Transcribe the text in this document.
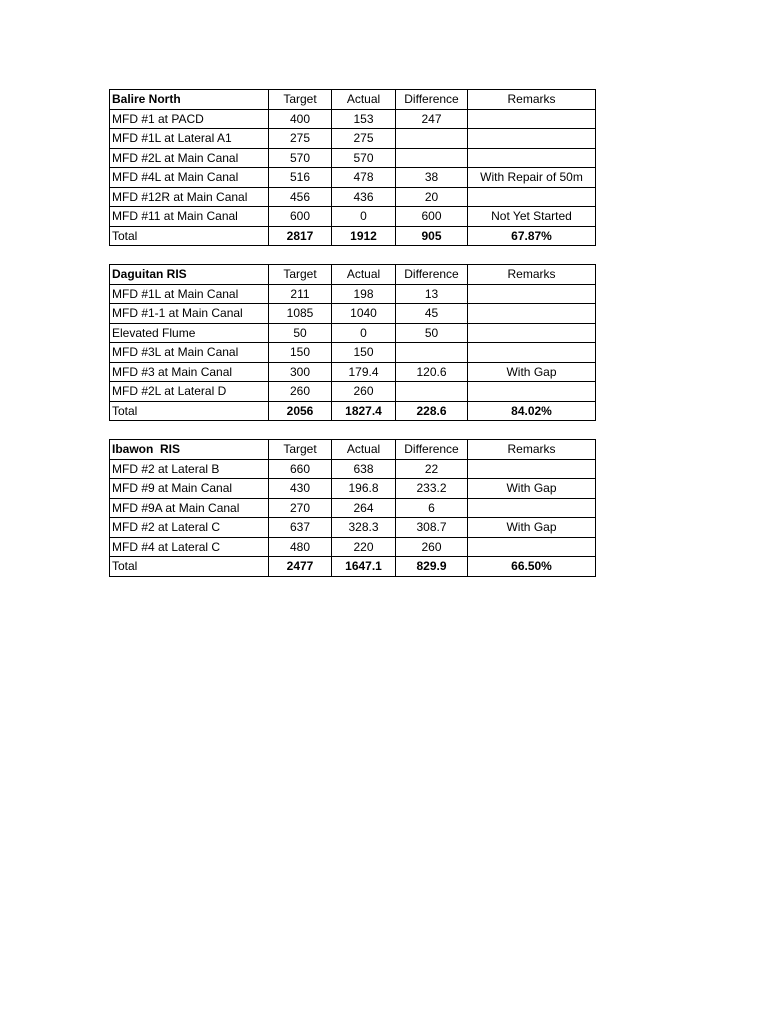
Balire North	Target	Actual	Difference	Remarks
MFD #1 at PACD	400	153	247	
MFD #1L at Lateral A1	275	275		
MFD #2L at Main Canal	570	570		
MFD #4L at Main Canal	516	478	38	With Repair of 50m
MFD #12R at Main Canal	456	436	20	
MFD #11 at Main Canal	600	0	600	Not Yet Started
Total	2817	1912	905	67.87%
Daguitan RIS	Target	Actual	Difference	Remarks
MFD #1L at Main Canal	211	198	13	
MFD #1-1 at Main Canal	1085	1040	45	
Elevated Flume	50	0	50	
MFD #3L at Main Canal	150	150		
MFD #3 at Main Canal	300	179.4	120.6	With Gap
MFD #2L at Lateral D	260	260		
Total	2056	1827.4	228.6	84.02%
Ibawon  RIS	Target	Actual	Difference	Remarks
MFD #2 at Lateral B	660	638	22	
MFD #9 at Main Canal	430	196.8	233.2	With Gap
MFD #9A at Main Canal	270	264	6	
MFD #2 at Lateral C	637	328.3	308.7	With Gap
MFD #4 at Lateral C	480	220	260	
Total	2477	1647.1	829.9	66.50%
